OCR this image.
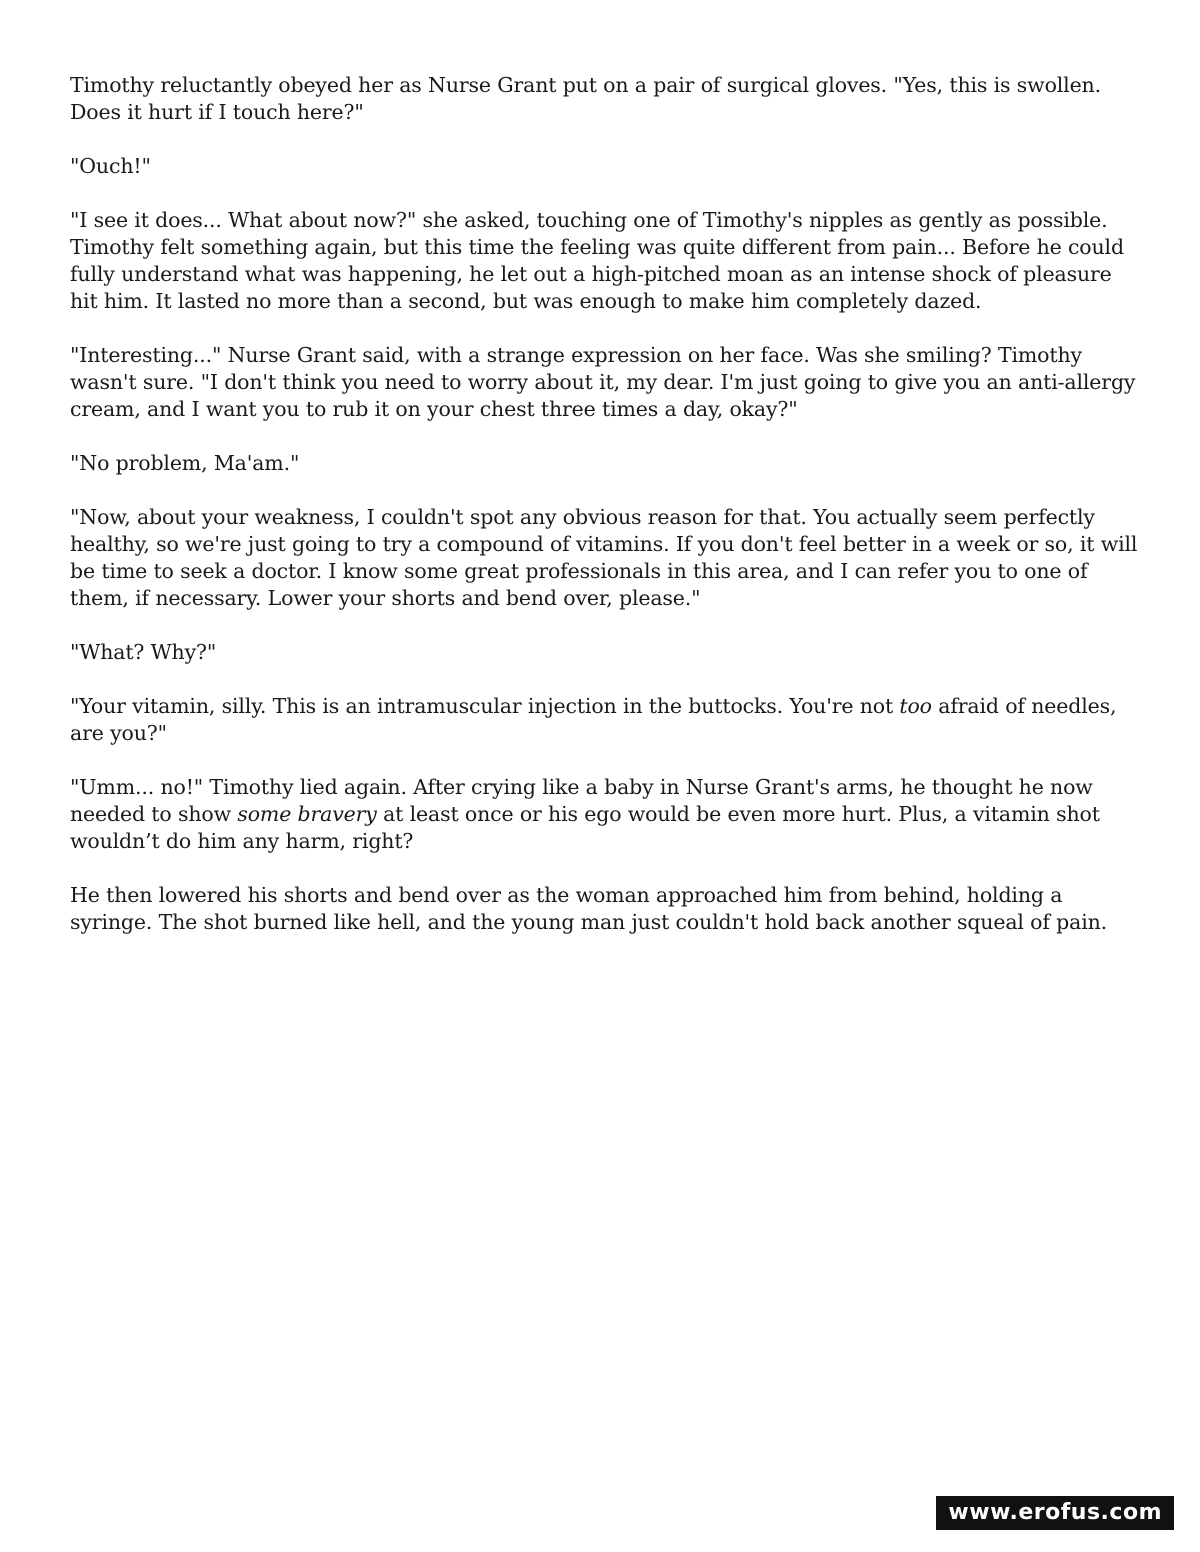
Timothy reluctantly obeyed her as Nurse Grant put on a pair of surgical gloves. "Yes, this is swollen. Does it hurt if I touch here?"

"Ouch!"

"I see it does... What about now?" she asked, touching one of Timothy's nipples as gently as possible. Timothy felt something again, but this time the feeling was quite different from pain... Before he could fully understand what was happening, he let out a high-pitched moan as an intense shock of pleasure hit him. It lasted no more than a second, but was enough to make him completely dazed.

"Interesting..." Nurse Grant said, with a strange expression on her face. Was she smiling? Timothy wasn't sure. "I don't think you need to worry about it, my dear. I'm just going to give you an anti-allergy cream, and I want you to rub it on your chest three times a day, okay?"

"No problem, Ma'am."

"Now, about your weakness, I couldn't spot any obvious reason for that. You actually seem perfectly healthy, so we're just going to try a compound of vitamins. If you don't feel better in a week or so, it will be time to seek a doctor. I know some great professionals in this area, and I can refer you to one of them, if necessary. Lower your shorts and bend over, please."

"What? Why?"

"Your vitamin, silly. This is an intramuscular injection in the buttocks. You're not too afraid of needles, are you?"

"Umm... no!" Timothy lied again. After crying like a baby in Nurse Grant's arms, he thought he now needed to show some bravery at least once or his ego would be even more hurt. Plus, a vitamin shot wouldn’t do him any harm, right?

He then lowered his shorts and bend over as the woman approached him from behind, holding a syringe. The shot burned like hell, and the young man just couldn't hold back another squeal of pain.

www.erofus.com
